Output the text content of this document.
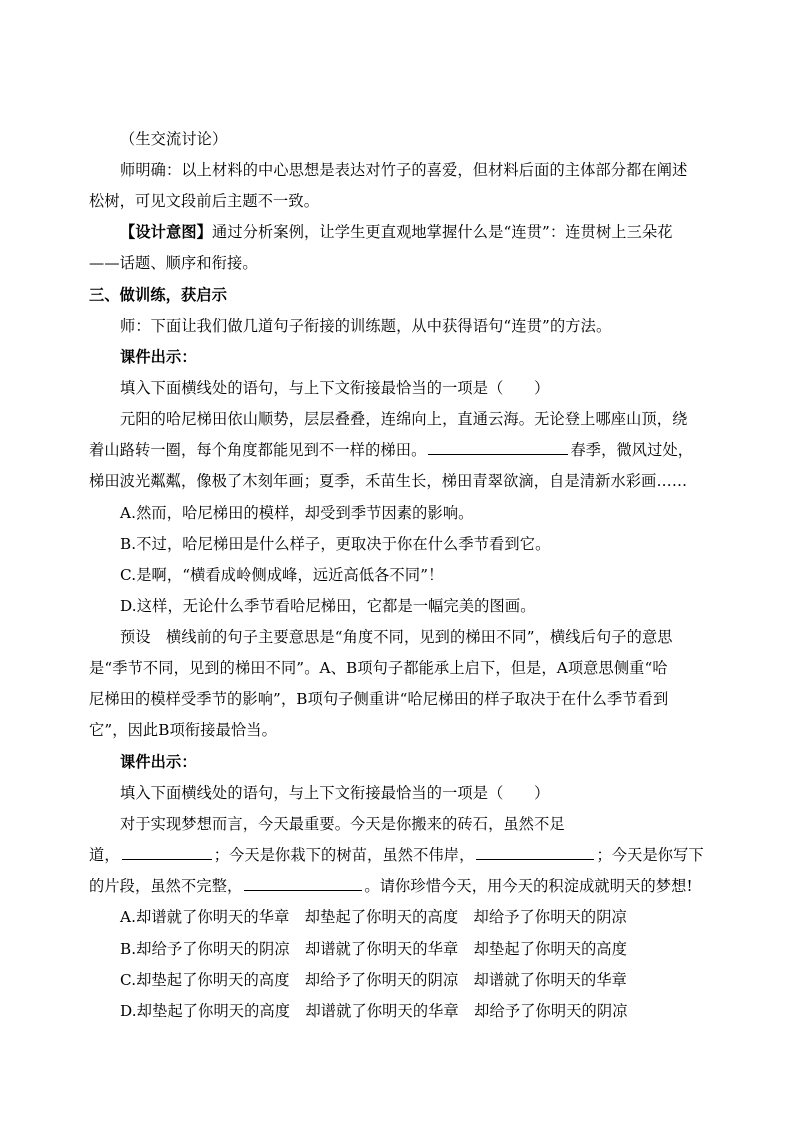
（生交流讨论）
师明确：以上材料的中心思想是表达对竹子的喜爱，但材料后面的主体部分都在阐述
松树，可见文段前后主题不一致。
【设计意图】通过分析案例，让学生更直观地掌握什么是“连贯”：连贯树上三朵花
——话题、顺序和衔接。
三、做训练，获启示
师：下面让我们做几道句子衔接的训练题，从中获得语句“连贯”的方法。
课件出示：
填入下面横线处的语句，与上下文衔接最恰当的一项是（　　）
元阳的哈尼梯田依山顺势，层层叠叠，连绵向上，直通云海。无论登上哪座山顶，绕
着山路转一圈，每个角度都能见到不一样的梯田。	春季，微风过处，
梯田波光粼粼，像极了木刻年画；夏季，禾苗生长，梯田青翠欲滴，自是清新水彩画……
A.然而，哈尼梯田的模样，却受到季节因素的影响。
B.不过，哈尼梯田是什么样子，更取决于你在什么季节看到它。
C.是啊，“横看成岭侧成峰，远近高低各不同”！
D.这样，无论什么季节看哈尼梯田，它都是一幅完美的图画。
预设　横线前的句子主要意思是“角度不同，见到的梯田不同”，横线后句子的意思
是“季节不同，见到的梯田不同”。A、B项句子都能承上启下，但是，A项意思侧重“哈
尼梯田的模样受季节的影响”，B项句子侧重讲“哈尼梯田的样子取决于在什么季节看到
它”，因此B项衔接最恰当。
课件出示：
填入下面横线处的语句，与上下文衔接最恰当的一项是（　　）
对于实现梦想而言，今天最重要。今天是你搬来的砖石，虽然不足
道，	；今天是你栽下的树苗，虽然不伟岸，	；今天是你写下
的片段，虽然不完整，	。请你珍惜今天，用今天的积淀成就明天的梦想!
A.却谱就了你明天的华章　却垫起了你明天的高度　却给予了你明天的阴凉
B.却给予了你明天的阴凉　却谱就了你明天的华章　却垫起了你明天的高度
C.却垫起了你明天的高度　却给予了你明天的阴凉　却谱就了你明天的华章
D.却垫起了你明天的高度　却谱就了你明天的华章　却给予了你明天的阴凉
